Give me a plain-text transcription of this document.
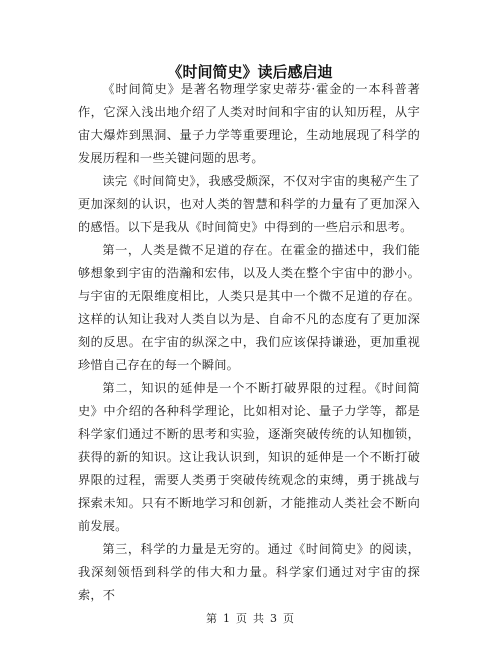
《时间简史》读后感启迪

《时间简史》是著名物理学家史蒂芬·霍金的一本科普著作，它深入浅出地介绍了人类对时间和宇宙的认知历程，从宇宙大爆炸到黑洞、量子力学等重要理论，生动地展现了科学的发展历程和一些关键问题的思考。

读完《时间简史》，我感受颇深，不仅对宇宙的奥秘产生了更加深刻的认识，也对人类的智慧和科学的力量有了更加深入的感悟。以下是我从《时间简史》中得到的一些启示和思考。

第一，人类是微不足道的存在。在霍金的描述中，我们能够想象到宇宙的浩瀚和宏伟，以及人类在整个宇宙中的渺小。与宇宙的无限维度相比，人类只是其中一个微不足道的存在。这样的认知让我对人类自以为是、自命不凡的态度有了更加深刻的反思。在宇宙的纵深之中，我们应该保持谦逊，更加重视珍惜自己存在的每一个瞬间。

第二，知识的延伸是一个不断打破界限的过程。《时间简史》中介绍的各种科学理论，比如相对论、量子力学等，都是科学家们通过不断的思考和实验，逐渐突破传统的认知枷锁，获得的新的知识。这让我认识到，知识的延伸是一个不断打破界限的过程，需要人类勇于突破传统观念的束缚，勇于挑战与探索未知。只有不断地学习和创新，才能推动人类社会不断向前发展。

第三，科学的力量是无穷的。通过《时间简史》的阅读，我深刻领悟到科学的伟大和力量。科学家们通过对宇宙的探索，不

第 1 页 共 3 页
